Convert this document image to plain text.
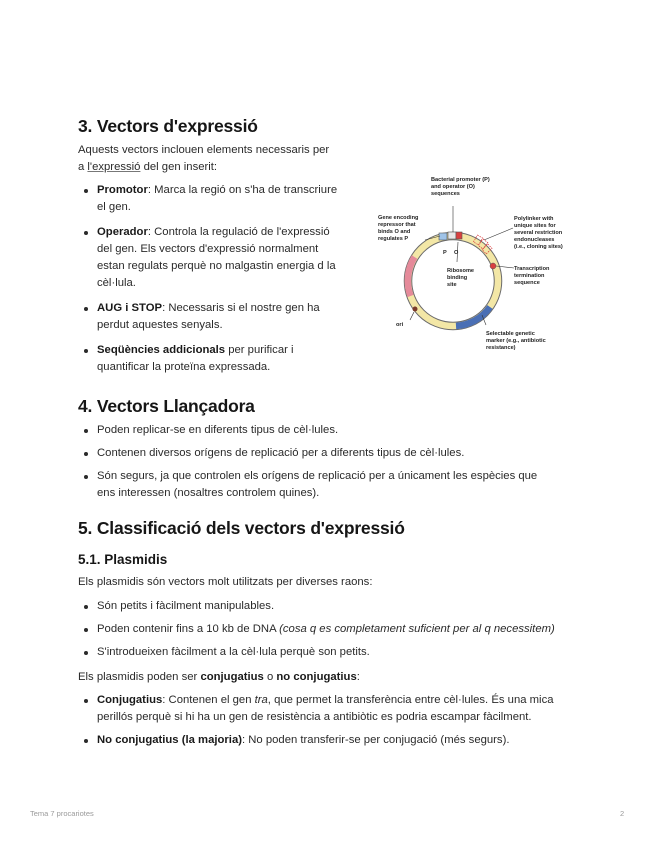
3. Vectors d'expressió

Aquests vectors inclouen elements necessaris per
a l'expressió del gen inserit:

Promotor: Marca la regió on s'ha de transcriure
el gen.
Operador: Controla la regulació de l'expressió
del gen. Els vectors d'expressió normalment
estan regulats perquè no malgastin energia d la
cèl·lula.
AUG i STOP: Necessaris si el nostre gen ha
perdut aquestes senyals.
Seqüències addicionals per purificar i
quantificar la proteïna expressada.
Bacterial promoter (P)
and operator (O)
sequences
Gene encoding
repressor that
binds O and
regulates P
Polylinker with
unique sites for
several restriction
endonucleases
(i.e., cloning sites)
Transcription
termination
sequence
Ribosome
binding
site
Selectable genetic
marker (e.g., antibiotic
resistance)
ori
P O
4. Vectors Llançadora
Poden replicar-se en diferents tipus de cèl·lules.
Contenen diversos orígens de replicació per a diferents tipus de cèl·lules.
Són segurs, ja que controlen els orígens de replicació per a únicament les espècies que
ens interessen (nosaltres controlem quines).
5. Classificació dels vectors d'expressió
5.1. Plasmidis

Els plasmidis són vectors molt utilitzats per diverses raons:

Són petits i fàcilment manipulables.
Poden contenir fins a 10 kb de DNA (cosa q es completament suficient per al q necessitem)
S'introdueixen fàcilment a la cèl·lula perquè son petits.

Els plasmidis poden ser conjugatius o no conjugatius:

Conjugatius: Contenen el gen tra, que permet la transferència entre cèl·lules. És una mica
perillós perquè si hi ha un gen de resistència a antibiòtic es podria escampar fàcilment.
No conjugatius (la majoria): No poden transferir-se per conjugació (més segurs).
Tema 7 procariotes	2
